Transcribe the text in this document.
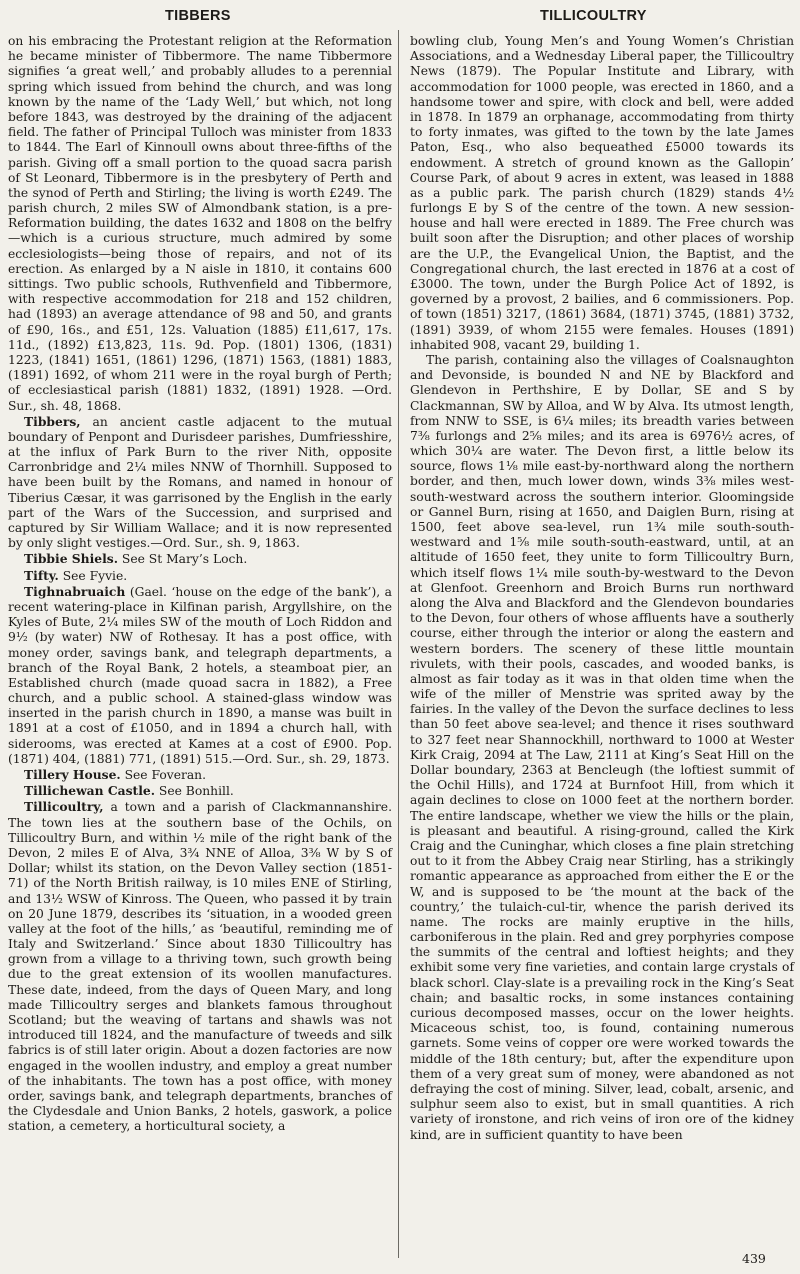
TIBBERS	TILLICOULTRY

on his embracing the Protestant religion at the Reformation he became minister of Tibbermore. The name Tibbermore signifies ‘a great well,’ and probably alludes to a perennial spring which issued from behind the church, and was long known by the name of the ‘Lady Well,’ but which, not long before 1843, was destroyed by the draining of the adjacent field. The father of Principal Tulloch was minister from 1833 to 1844. The Earl of Kinnoull owns about three-fifths of the parish. Giving off a small portion to the quoad sacra parish of St Leonard, Tibbermore is in the presbytery of Perth and the synod of Perth and Stirling; the living is worth £249. The parish church, 2 miles SW of Almondbank station, is a pre-Reformation building, the dates 1632 and 1808 on the belfry—which is a curious structure, much admired by some ecclesiologists—being those of repairs, and not of its erection. As enlarged by a N aisle in 1810, it contains 600 sittings. Two public schools, Ruthvenfield and Tibbermore, with respective accommodation for 218 and 152 children, had (1893) an average attendance of 98 and 50, and grants of £90, 16s., and £51, 12s. Valuation (1885) £11,617, 17s. 11d., (1892) £13,823, 11s. 9d. Pop. (1801) 1306, (1831) 1223, (1841) 1651, (1861) 1296, (1871) 1563, (1881) 1883, (1891) 1692, of whom 211 were in the royal burgh of Perth; of ecclesiastical parish (1881) 1832, (1891) 1928. —Ord. Sur., sh. 48, 1868.

Tibbers, an ancient castle adjacent to the mutual boundary of Penpont and Durisdeer parishes, Dumfriesshire, at the influx of Park Burn to the river Nith, opposite Carronbridge and 2¼ miles NNW of Thornhill. Supposed to have been built by the Romans, and named in honour of Tiberius Cæsar, it was garrisoned by the English in the early part of the Wars of the Succession, and surprised and captured by Sir William Wallace; and it is now represented by only slight vestiges.—Ord. Sur., sh. 9, 1863.

Tibbie Shiels. See St Mary’s Loch.

Tifty. See Fyvie.

Tighnabruaich (Gael. ‘house on the edge of the bank’), a recent watering-place in Kilfinan parish, Argyllshire, on the Kyles of Bute, 2¼ miles SW of the mouth of Loch Riddon and 9½ (by water) NW of Rothesay. It has a post office, with money order, savings bank, and telegraph departments, a branch of the Royal Bank, 2 hotels, a steamboat pier, an Established church (made quoad sacra in 1882), a Free church, and a public school. A stained-glass window was inserted in the parish church in 1890, a manse was built in 1891 at a cost of £1050, and in 1894 a church hall, with siderooms, was erected at Kames at a cost of £900. Pop. (1871) 404, (1881) 771, (1891) 515.—Ord. Sur., sh. 29, 1873.

Tillery House. See Foveran.

Tillichewan Castle. See Bonhill.

Tillicoultry, a town and a parish of Clackmannanshire. The town lies at the southern base of the Ochils, on Tillicoultry Burn, and within ½ mile of the right bank of the Devon, 2 miles E of Alva, 3¾ NNE of Alloa, 3⅜ W by S of Dollar; whilst its station, on the Devon Valley section (1851-71) of the North British railway, is 10 miles ENE of Stirling, and 13½ WSW of Kinross. The Queen, who passed it by train on 20 June 1879, describes its ‘situation, in a wooded green valley at the foot of the hills,’ as ‘beautiful, reminding me of Italy and Switzerland.’ Since about 1830 Tillicoultry has grown from a village to a thriving town, such growth being due to the great extension of its woollen manufactures. These date, indeed, from the days of Queen Mary, and long made Tillicoultry serges and blankets famous throughout Scotland; but the weaving of tartans and shawls was not introduced till 1824, and the manufacture of tweeds and silk fabrics is of still later origin. About a dozen factories are now engaged in the woollen industry, and employ a great number of the inhabitants. The town has a post office, with money order, savings bank, and telegraph departments, branches of the Clydesdale and Union Banks, 2 hotels, gaswork, a police station, a cemetery, a horticultural society, a

bowling club, Young Men’s and Young Women’s Christian Associations, and a Wednesday Liberal paper, the Tillicoultry News (1879). The Popular Institute and Library, with accommodation for 1000 people, was erected in 1860, and a handsome tower and spire, with clock and bell, were added in 1878. In 1879 an orphanage, accommodating from thirty to forty inmates, was gifted to the town by the late James Paton, Esq., who also bequeathed £5000 towards its endowment. A stretch of ground known as the Gallopin’ Course Park, of about 9 acres in extent, was leased in 1888 as a public park. The parish church (1829) stands 4½ furlongs E by S of the centre of the town. A new session-house and hall were erected in 1889. The Free church was built soon after the Disruption; and other places of worship are the U.P., the Evangelical Union, the Baptist, and the Congregational church, the last erected in 1876 at a cost of £3000. The town, under the Burgh Police Act of 1892, is governed by a provost, 2 bailies, and 6 commissioners. Pop. of town (1851) 3217, (1861) 3684, (1871) 3745, (1881) 3732, (1891) 3939, of whom 2155 were females. Houses (1891) inhabited 908, vacant 29, building 1.

The parish, containing also the villages of Coalsnaughton and Devonside, is bounded N and NE by Blackford and Glendevon in Perthshire, E by Dollar, SE and S by Clackmannan, SW by Alloa, and W by Alva. Its utmost length, from NNW to SSE, is 6¼ miles; its breadth varies between 7⅜ furlongs and 2⅝ miles; and its area is 6976½ acres, of which 30¼ are water. The Devon first, a little below its source, flows 1⅛ mile east-by-northward along the northern border, and then, much lower down, winds 3⅜ miles west-south-westward across the southern interior. Gloomingside or Gannel Burn, rising at 1650, and Daiglen Burn, rising at 1500, feet above sea-level, run 1¾ mile south-south-westward and 1⅝ mile south-south-eastward, until, at an altitude of 1650 feet, they unite to form Tillicoultry Burn, which itself flows 1¼ mile south-by-westward to the Devon at Glenfoot. Greenhorn and Broich Burns run northward along the Alva and Blackford and the Glendevon boundaries to the Devon, four others of whose affluents have a southerly course, either through the interior or along the eastern and western borders. The scenery of these little mountain rivulets, with their pools, cascades, and wooded banks, is almost as fair today as it was in that olden time when the wife of the miller of Menstrie was sprited away by the fairies. In the valley of the Devon the surface declines to less than 50 feet above sea-level; and thence it rises southward to 327 feet near Shannockhill, northward to 1000 at Wester Kirk Craig, 2094 at The Law, 2111 at King’s Seat Hill on the Dollar boundary, 2363 at Bencleugh (the loftiest summit of the Ochil Hills), and 1724 at Burnfoot Hill, from which it again declines to close on 1000 feet at the northern border. The entire landscape, whether we view the hills or the plain, is pleasant and beautiful. A rising-ground, called the Kirk Craig and the Cuninghar, which closes a fine plain stretching out to it from the Abbey Craig near Stirling, has a strikingly romantic appearance as approached from either the E or the W, and is supposed to be ‘the mount at the back of the country,’ the tulaich-cul-tir, whence the parish derived its name. The rocks are mainly eruptive in the hills, carboniferous in the plain. Red and grey porphyries compose the summits of the central and loftiest heights; and they exhibit some very fine varieties, and contain large crystals of black schorl. Clay-slate is a prevailing rock in the King’s Seat chain; and basaltic rocks, in some instances containing curious decomposed masses, occur on the lower heights. Micaceous schist, too, is found, containing numerous garnets. Some veins of copper ore were worked towards the middle of the 18th century; but, after the expenditure upon them of a very great sum of money, were abandoned as not defraying the cost of mining. Silver, lead, cobalt, arsenic, and sulphur seem also to exist, but in small quantities. A rich variety of ironstone, and rich veins of iron ore of the kidney kind, are in sufficient quantity to have been

439
